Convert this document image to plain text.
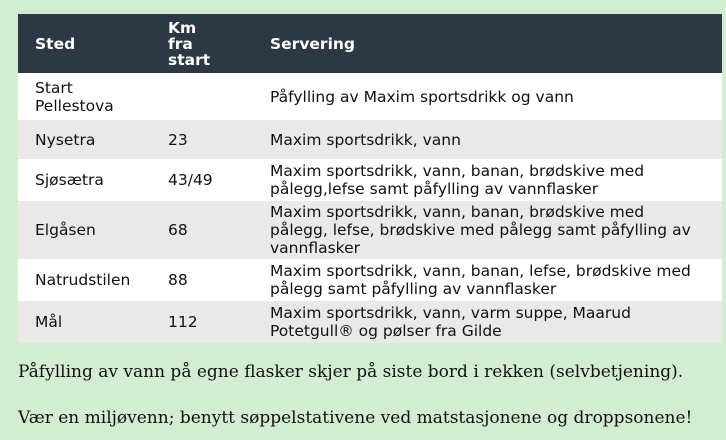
Sted	Km
fra
start	Servering
Start
Pellestova		Påfylling av Maxim sportsdrikk og vann
Nysetra	23	Maxim sportsdrikk, vann
Sjøsætra	43/49	Maxim sportsdrikk, vann, banan, brødskive med
pålegg,lefse samt påfylling av vannflasker
Elgåsen	68	Maxim sportsdrikk, vann, banan, brødskive med
pålegg, lefse, brødskive med pålegg samt påfylling av
vannflasker
Natrudstilen	88	Maxim sportsdrikk, vann, banan, lefse, brødskive med
pålegg samt påfylling av vannflasker
Mål	112	Maxim sportsdrikk, vann, varm suppe, Maarud
Potetgull® og pølser fra Gilde
Påfylling av vann på egne flasker skjer på siste bord i rekken (selvbetjening).
Vær en miljøvenn; benytt søppelstativene ved matstasjonene og droppsonene!
